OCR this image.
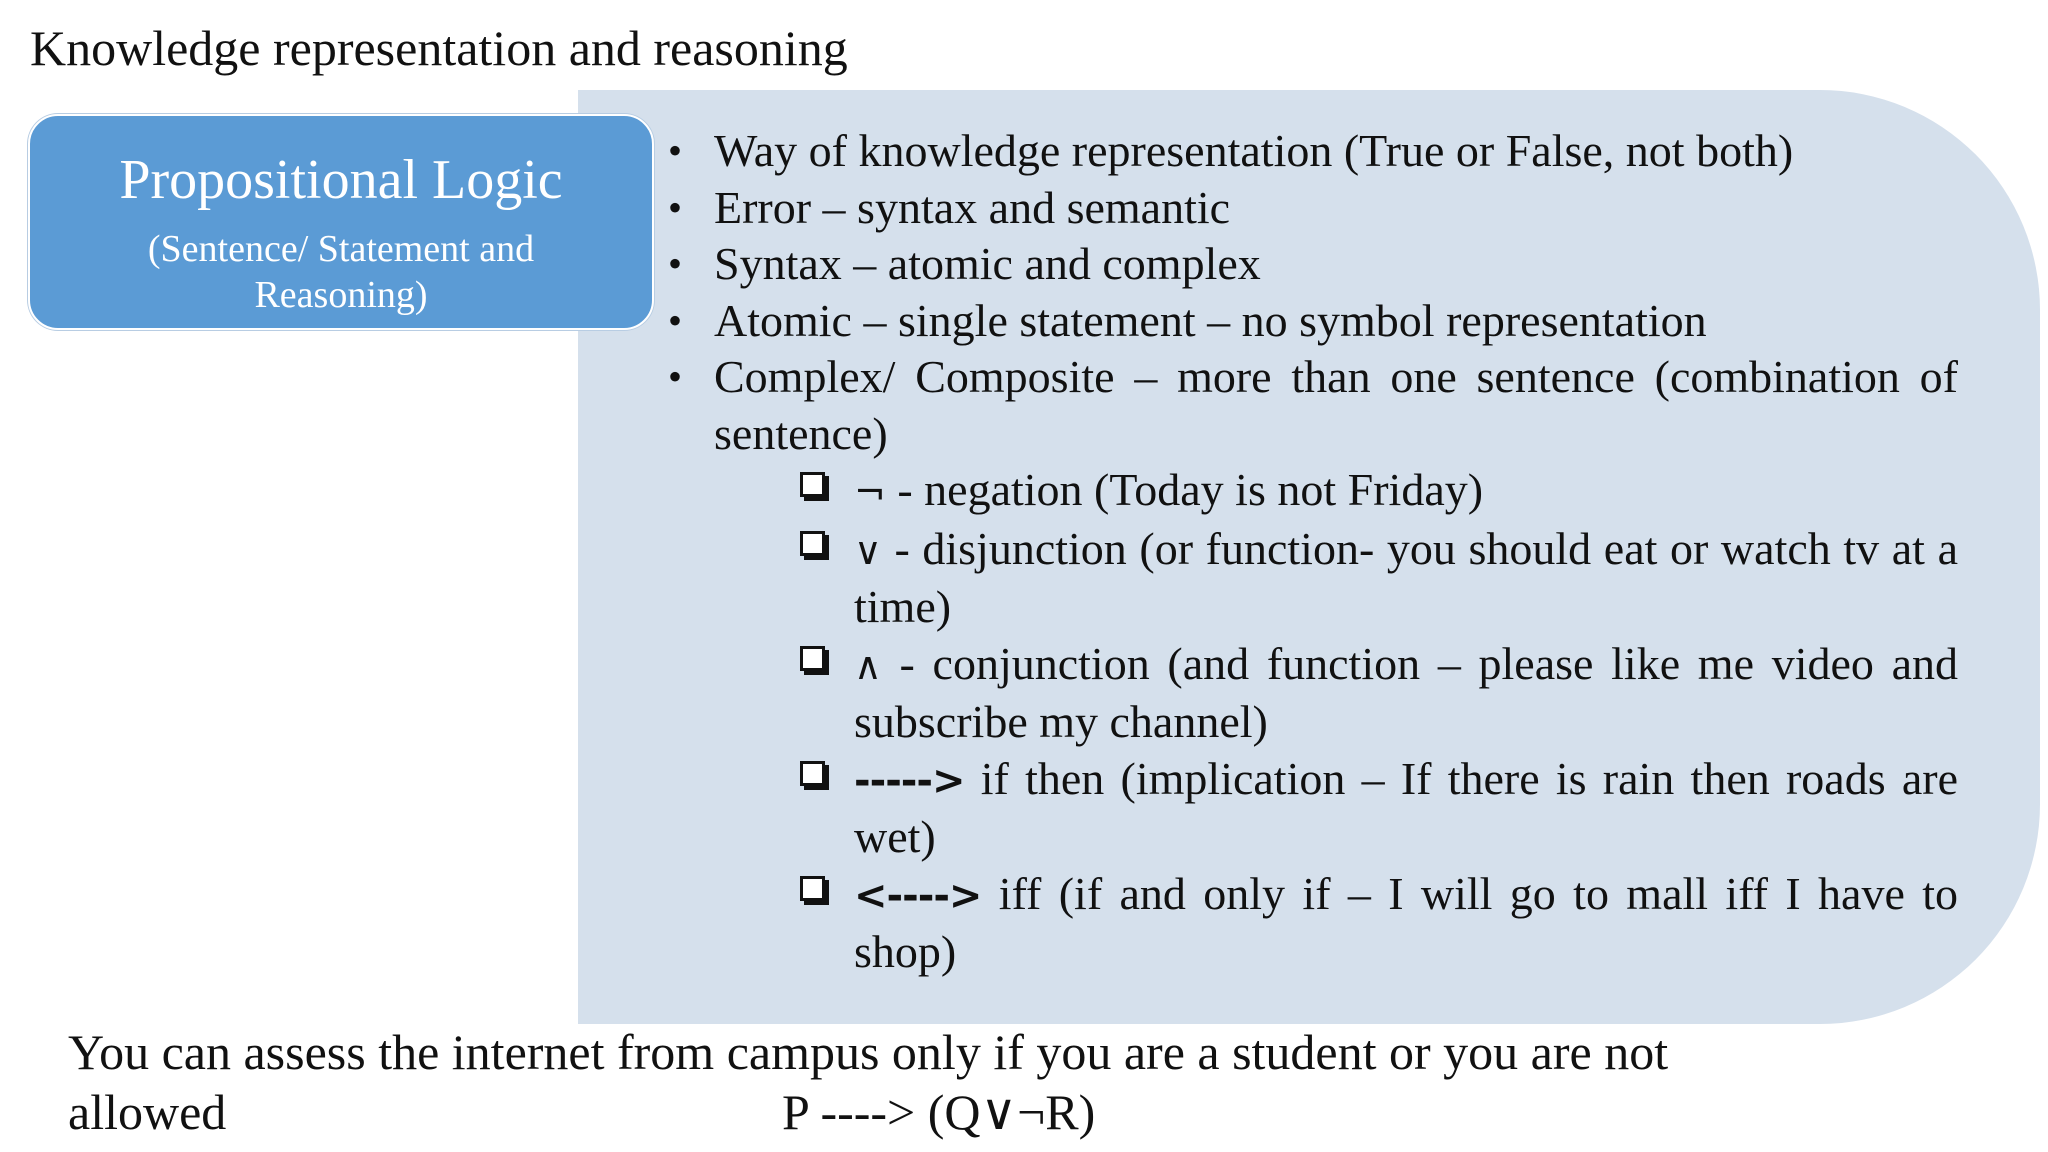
Knowledge representation and reasoning
Propositional Logic
(Sentence/ Statement and Reasoning)
• Way of knowledge representation (True or False, not both)
• Error – syntax and semantic
• Syntax – atomic and complex
• Atomic – single statement – no symbol representation
• Complex/ Composite – more than one sentence (combination of sentence)
¬ - negation (Today is not Friday)
∨ - disjunction (or function- you should eat or watch tv at a time)
∧ - conjunction (and function – please like me video and subscribe my channel)
-----> if then (implication – If there is rain then roads are wet)
<----> iff (if and only if – I will go to mall iff I have to shop)
You can assess the internet from campus only if you are a student or you are not
allowed	P ----> (Q∨¬R)
